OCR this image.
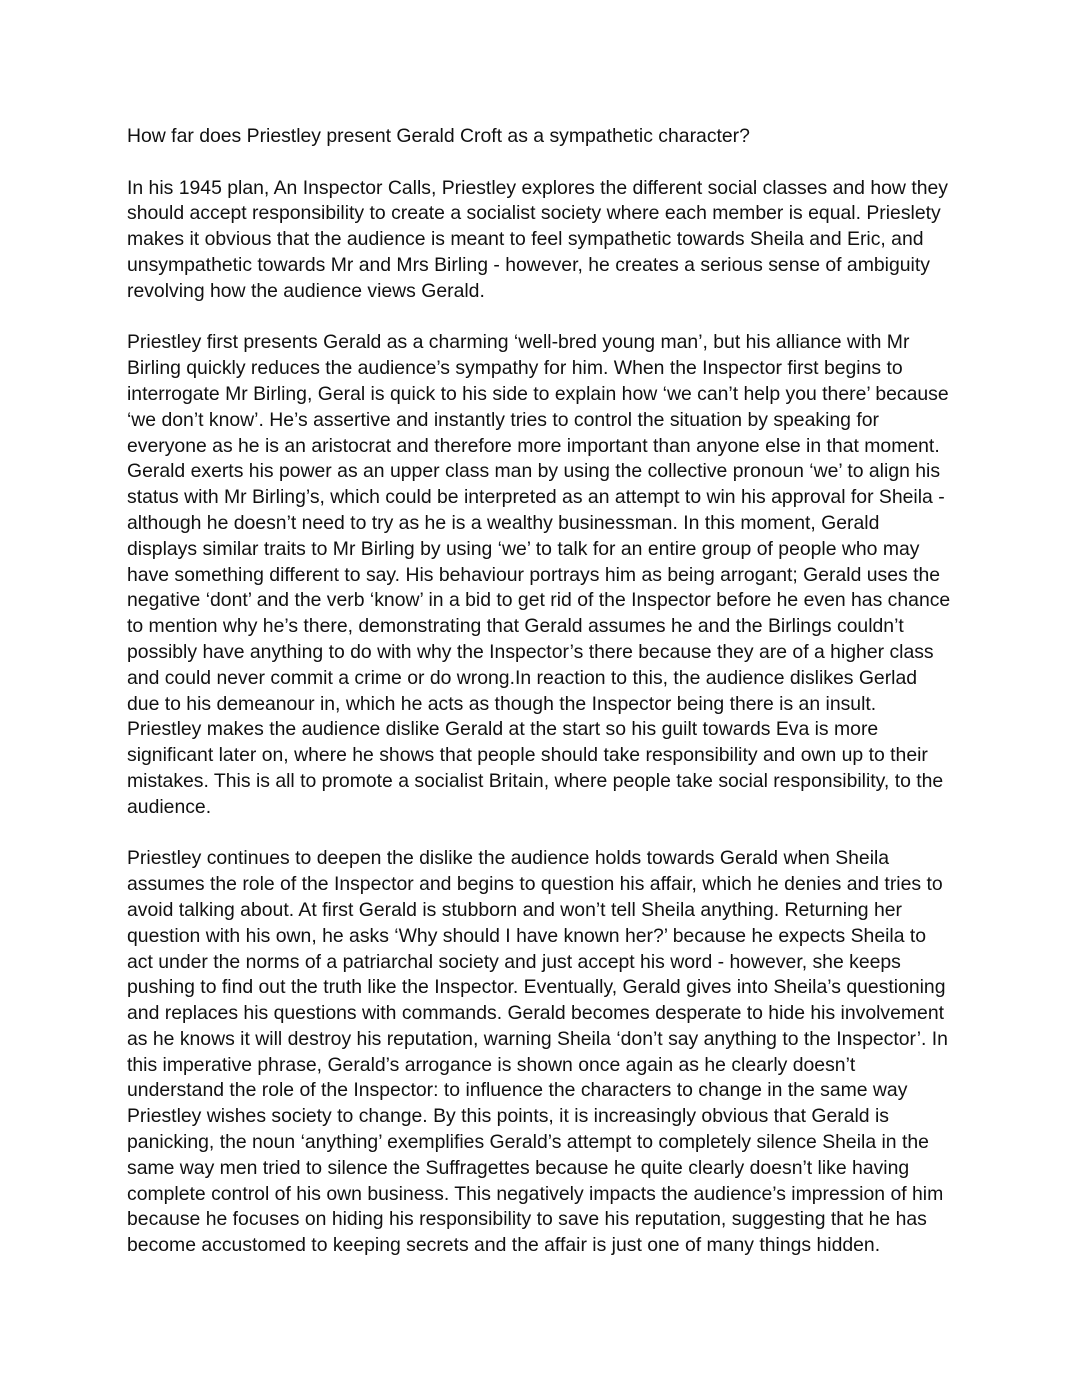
How far does Priestley present Gerald Croft as a sympathetic character?

In his 1945 plan, An Inspector Calls, Priestley explores the different social classes and how they
should accept responsibility to create a socialist society where each member is equal. Prieslety
makes it obvious that the audience is meant to feel sympathetic towards Sheila and Eric, and
unsympathetic towards Mr and Mrs Birling - however, he creates a serious sense of ambiguity
revolving how the audience views Gerald.

Priestley first presents Gerald as a charming ‘well-bred young man’, but his alliance with Mr
Birling quickly reduces the audience’s sympathy for him. When the Inspector first begins to
interrogate Mr Birling, Geral is quick to his side to explain how ‘we can’t help you there’ because
‘we don’t know’. He’s assertive and instantly tries to control the situation by speaking for
everyone as he is an aristocrat and therefore more important than anyone else in that moment.
Gerald exerts his power as an upper class man by using the collective pronoun ‘we’ to align his
status with Mr Birling’s, which could be interpreted as an attempt to win his approval for Sheila -
although he doesn’t need to try as he is a wealthy businessman. In this moment, Gerald
displays similar traits to Mr Birling by using ‘we’ to talk for an entire group of people who may
have something different to say. His behaviour portrays him as being arrogant; Gerald uses the
negative ‘dont’ and the verb ‘know’ in a bid to get rid of the Inspector before he even has chance
to mention why he’s there, demonstrating that Gerald assumes he and the Birlings couldn’t
possibly have anything to do with why the Inspector’s there because they are of a higher class
and could never commit a crime or do wrong.In reaction to this, the audience dislikes Gerlad
due to his demeanour in, which he acts as though the Inspector being there is an insult.
Priestley makes the audience dislike Gerald at the start so his guilt towards Eva is more
significant later on, where he shows that people should take responsibility and own up to their
mistakes. This is all to promote a socialist Britain, where people take social responsibility, to the
audience.

Priestley continues to deepen the dislike the audience holds towards Gerald when Sheila
assumes the role of the Inspector and begins to question his affair, which he denies and tries to
avoid talking about. At first Gerald is stubborn and won’t tell Sheila anything. Returning her
question with his own, he asks ‘Why should I have known her?’ because he expects Sheila to
act under the norms of a patriarchal society and just accept his word - however, she keeps
pushing to find out the truth like the Inspector. Eventually, Gerald gives into Sheila’s questioning
and replaces his questions with commands. Gerald becomes desperate to hide his involvement
as he knows it will destroy his reputation, warning Sheila ‘don’t say anything to the Inspector’. In
this imperative phrase, Gerald’s arrogance is shown once again as he clearly doesn’t
understand the role of the Inspector: to influence the characters to change in the same way
Priestley wishes society to change. By this points, it is increasingly obvious that Gerald is
panicking, the noun ‘anything’ exemplifies Gerald’s attempt to completely silence Sheila in the
same way men tried to silence the Suffragettes because he quite clearly doesn’t like having
complete control of his own business. This negatively impacts the audience’s impression of him
because he focuses on hiding his responsibility to save his reputation, suggesting that he has
become accustomed to keeping secrets and the affair is just one of many things hidden.
